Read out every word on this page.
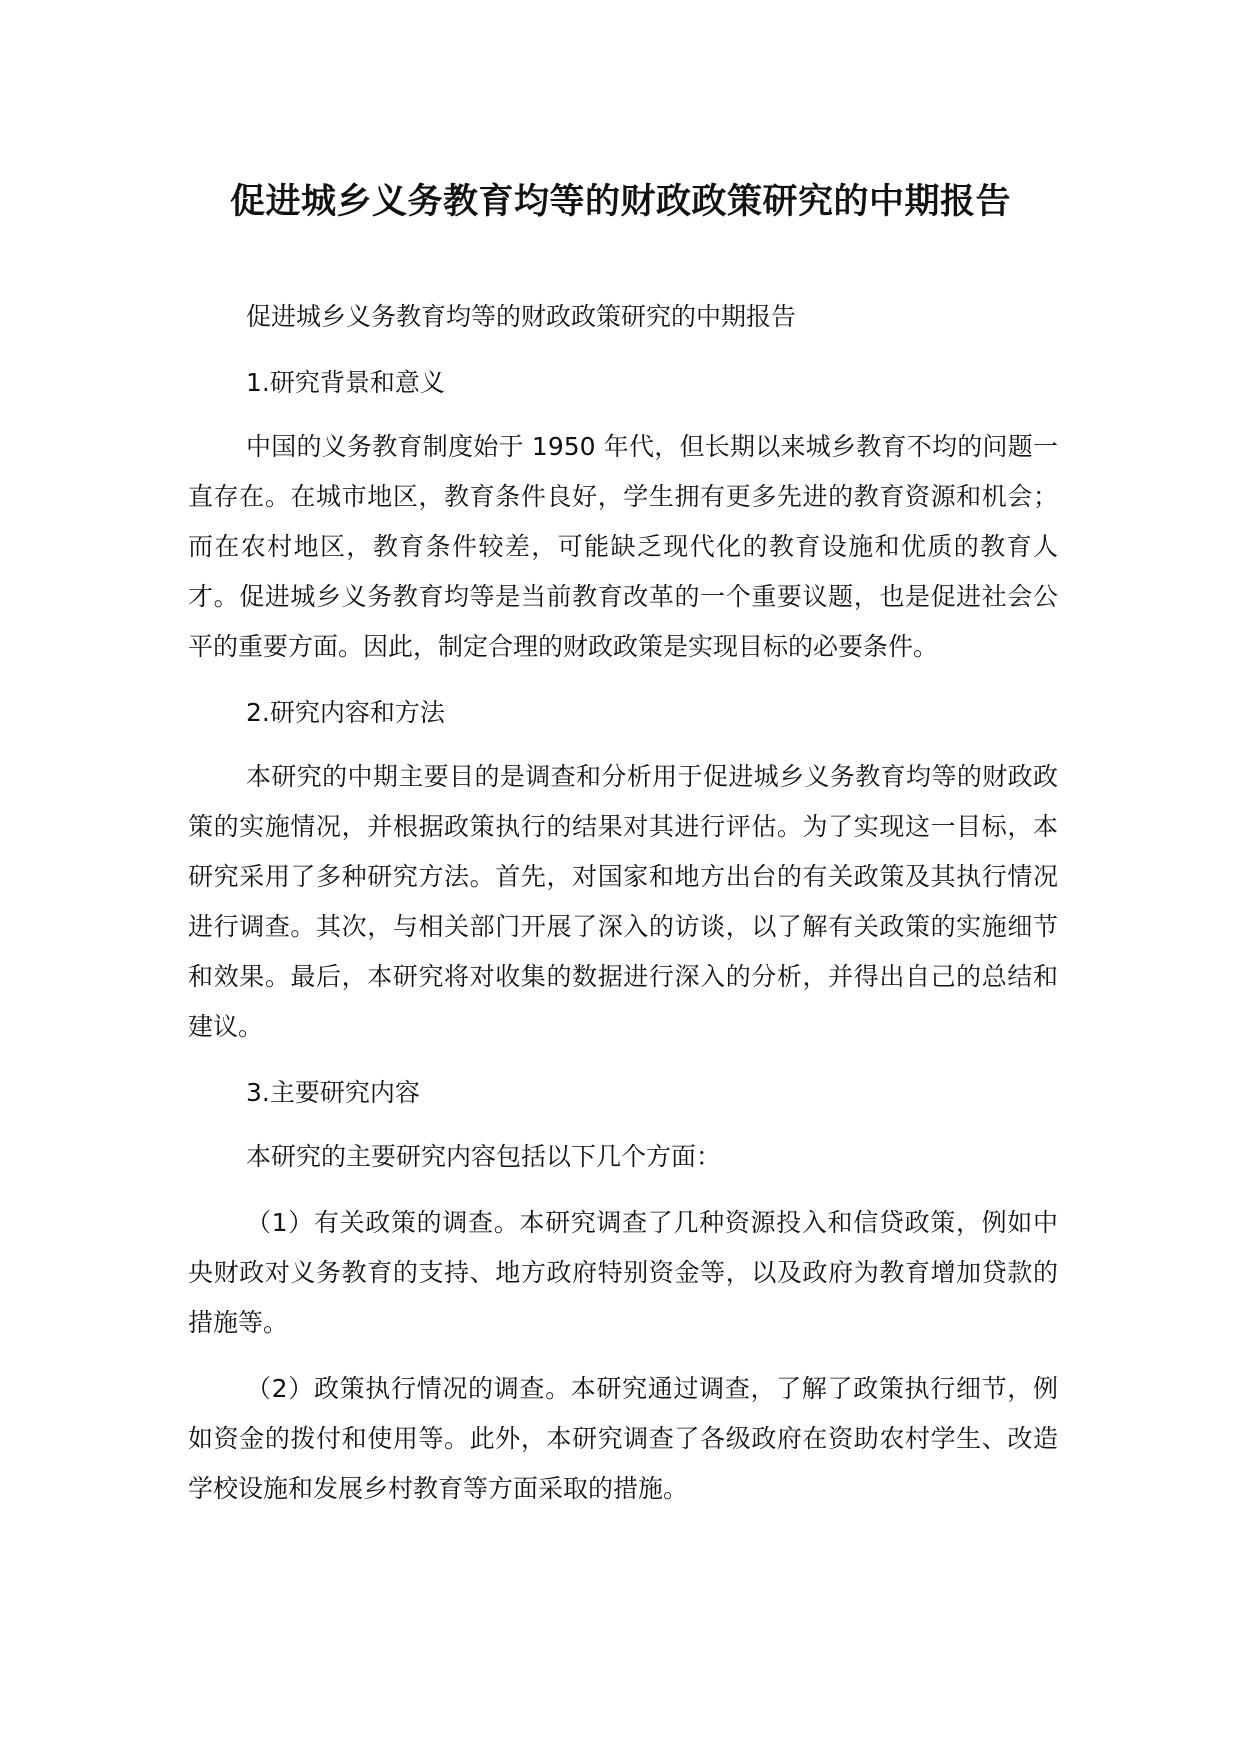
促进城乡义务教育均等的财政政策研究的中期报告

促进城乡义务教育均等的财政政策研究的中期报告

1.研究背景和意义

中国的义务教育制度始于 1950 年代，但长期以来城乡教育不均的问题一直存在。在城市地区，教育条件良好，学生拥有更多先进的教育资源和机会；而在农村地区，教育条件较差，可能缺乏现代化的教育设施和优质的教育人才。促进城乡义务教育均等是当前教育改革的一个重要议题，也是促进社会公平的重要方面。因此，制定合理的财政政策是实现目标的必要条件。

2.研究内容和方法

本研究的中期主要目的是调查和分析用于促进城乡义务教育均等的财政政策的实施情况，并根据政策执行的结果对其进行评估。为了实现这一目标，本研究采用了多种研究方法。首先，对国家和地方出台的有关政策及其执行情况进行调查。其次，与相关部门开展了深入的访谈，以了解有关政策的实施细节和效果。最后，本研究将对收集的数据进行深入的分析，并得出自己的总结和建议。

3.主要研究内容

本研究的主要研究内容包括以下几个方面：

（1）有关政策的调查。本研究调查了几种资源投入和信贷政策，例如中央财政对义务教育的支持、地方政府特别资金等，以及政府为教育增加贷款的措施等。

（2）政策执行情况的调查。本研究通过调查，了解了政策执行细节，例如资金的拨付和使用等。此外，本研究调查了各级政府在资助农村学生、改造学校设施和发展乡村教育等方面采取的措施。
